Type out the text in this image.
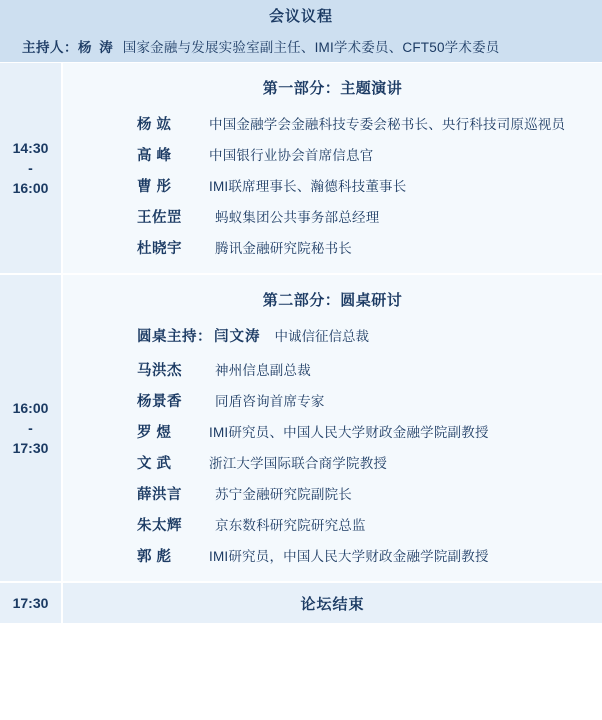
会议议程	
主持人：杨 涛 国家金融与发展实验室副主任、IMI学术委员、CFT50学术委员	

14:30
-
16:00

第一部分：主题演讲
杨 竑	中国金融学会金融科技专委会秘书长、央行科技司原巡视员
高 峰	中国银行业协会首席信息官
曹 彤	IMI联席理事长、瀚德科技董事长
王佐罡	蚂蚁集团公共事务部总经理
杜晓宇	腾讯金融研究院秘书长

16:00
-
17:30

第二部分：圆桌研讨
圆桌主持： 闫文涛 中诚信征信总裁
马洪杰	神州信息副总裁
杨景香	同盾咨询首席专家
罗 煜	IMI研究员、中国人民大学财政金融学院副教授
文 武	浙江大学国际联合商学院教授
薛洪言	苏宁金融研究院副院长
朱太辉	京东数科研究院研究总监
郭 彪	IMI研究员，中国人民大学财政金融学院副教授

17:30	论坛结束
